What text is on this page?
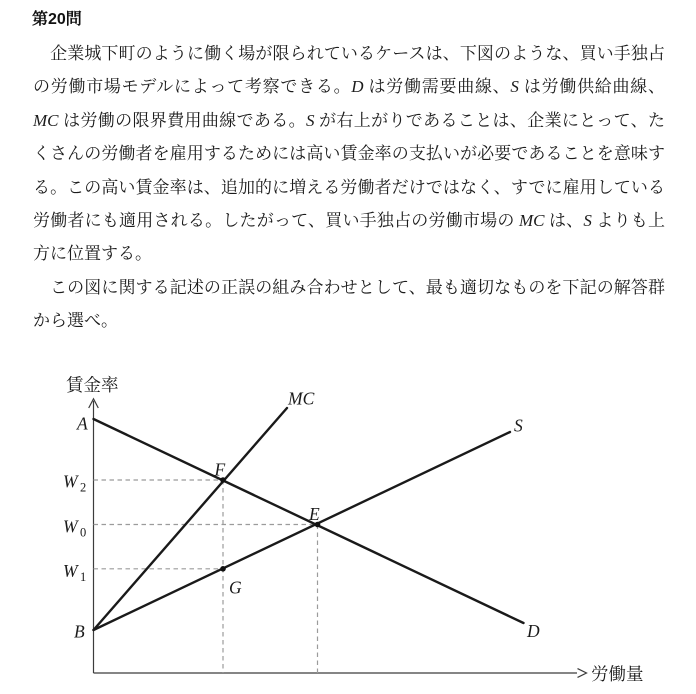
第20問
　企業城下町のように働く場が限られているケースは、下図のような、買い手独占
の労働市場モデルによって考察できる。D は労働需要曲線、S は労働供給曲線、
MC は労働の限界費用曲線である。S が右上がりであることは、企業にとって、た
くさんの労働者を雇用するためには高い賃金率の支払いが必要であることを意味す
る。この高い賃金率は、追加的に増える労働者だけではなく、すでに雇用している
労働者にも適用される。したがって、買い手独占の労働市場の MC は、S よりも上
方に位置する。
　この図に関する記述の正誤の組み合わせとして、最も適切なものを下記の解答群
から選べ。
賃金率
労働量
A
B	D
S
MC
F
E
G
W 2
W 0
W 1
